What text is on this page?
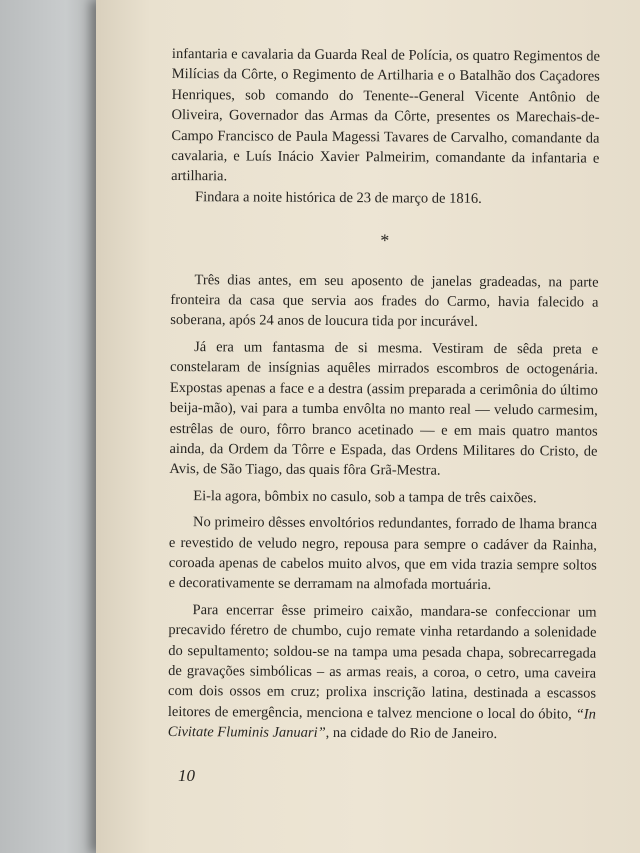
infantaria e cavalaria da Guarda Real de Polícia, os quatro Regimentos de Milícias da Côrte, o Regimento de Artilharia e o Batalhão dos Caçadores Henriques, sob comando do Tenente--General Vicente Antônio de Oliveira, Governador das Armas da Côrte, presentes os Marechais-de-Campo Francisco de Paula Magessi Tavares de Carvalho, comandante da cavalaria, e Luís Inácio Xavier Palmeirim, comandante da infantaria e artilharia.

Findara a noite histórica de 23 de março de 1816.

*

Três dias antes, em seu aposento de janelas gradeadas, na parte fronteira da casa que servia aos frades do Carmo, havia falecido a soberana, após 24 anos de loucura tida por incurável.

Já era um fantasma de si mesma. Vestiram de sêda preta e constelaram de insígnias aquêles mirrados escombros de octogenária. Expostas apenas a face e a destra (assim preparada a cerimônia do último beija-mão), vai para a tumba envôlta no manto real — veludo carmesim, estrêlas de ouro, fôrro branco acetinado — e em mais quatro mantos ainda, da Ordem da Tôrre e Espada, das Ordens Militares do Cristo, de Avis, de São Tiago, das quais fôra Grã-Mestra.

Ei-la agora, bômbix no casulo, sob a tampa de três caixões.

No primeiro dêsses envoltórios redundantes, forrado de lhama branca e revestido de veludo negro, repousa para sempre o cadáver da Rainha, coroada apenas de cabelos muito alvos, que em vida trazia sempre soltos e decorativamente se derramam na almofada mortuária.

Para encerrar êsse primeiro caixão, mandara-se confeccionar um precavido féretro de chumbo, cujo remate vinha retardando a solenidade do sepultamento; soldou-se na tampa uma pesada chapa, sobrecarregada de gravações simbólicas – as armas reais, a coroa, o cetro, uma caveira com dois ossos em cruz; prolixa inscrição latina, destinada a escassos leitores de emergência, menciona e talvez mencione o local do óbito, “In Civitate Fluminis Januari”, na cidade do Rio de Janeiro.

10
